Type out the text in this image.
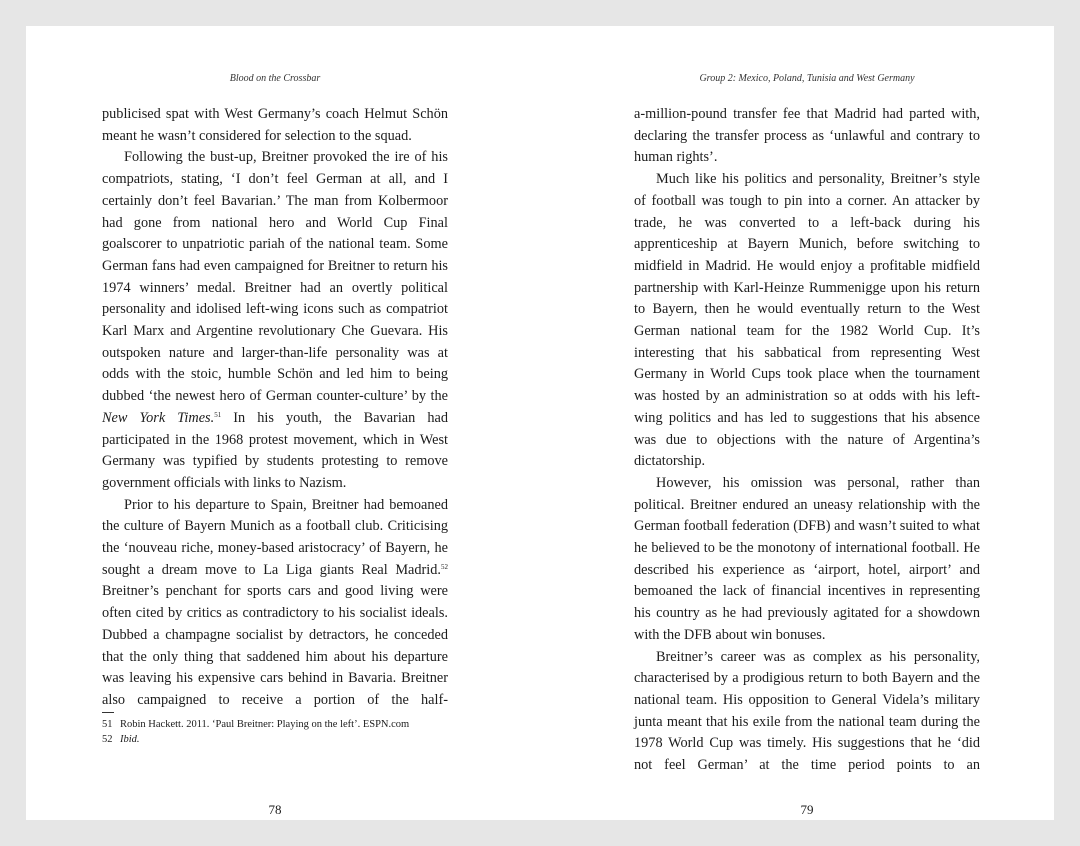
Blood on the Crossbar

publicised spat with West Germany’s coach Helmut Schön meant he wasn’t considered for selection to the squad.

Following the bust-up, Breitner provoked the ire of his compatriots, stating, ‘I don’t feel German at all, and I certainly don’t feel Bavarian.’ The man from Kolbermoor had gone from national hero and World Cup Final goalscorer to unpatriotic pariah of the national team. Some German fans had even campaigned for Breitner to return his 1974 winners’ medal. Breitner had an overtly political personality and idolised left-wing icons such as compatriot Karl Marx and Argentine revolutionary Che Guevara. His outspoken nature and larger-than-life personality was at odds with the stoic, humble Schön and led him to being dubbed ‘the newest hero of German counter-culture’ by the New York Times.$^{51}$ In his youth, the Bavarian had participated in the 1968 protest movement, which in West Germany was typified by students protesting to remove government officials with links to Nazism.

Prior to his departure to Spain, Breitner had bemoaned the culture of Bayern Munich as a football club. Criticising the ‘nouveau riche, money-based aristocracy’ of Bayern, he sought a dream move to La Liga giants Real Madrid.$^{52}$ Breitner’s penchant for sports cars and good living were often cited by critics as contradictory to his socialist ideals. Dubbed a champagne socialist by detractors, he conceded that the only thing that saddened him about his departure was leaving his expensive cars behind in Bavaria. Breitner also campaigned to receive a portion of the half-

51 Robin Hackett. 2011. ‘Paul Breitner: Playing on the left’. ESPN.com
52 Ibid.
78
Group 2: Mexico, Poland, Tunisia and West Germany

a-million-pound transfer fee that Madrid had parted with, declaring the transfer process as ‘unlawful and contrary to human rights’.

Much like his politics and personality, Breitner’s style of football was tough to pin into a corner. An attacker by trade, he was converted to a left-back during his apprenticeship at Bayern Munich, before switching to midfield in Madrid. He would enjoy a profitable midfield partnership with Karl-Heinze Rummenigge upon his return to Bayern, then he would eventually return to the West German national team for the 1982 World Cup. It’s interesting that his sabbatical from representing West Germany in World Cups took place when the tournament was hosted by an administration so at odds with his left-wing politics and has led to suggestions that his absence was due to objections with the nature of Argentina’s dictatorship.

However, his omission was personal, rather than political. Breitner endured an uneasy relationship with the German football federation (DFB) and wasn’t suited to what he believed to be the monotony of international football. He described his experience as ‘airport, hotel, airport’ and bemoaned the lack of financial incentives in representing his country as he had previously agitated for a showdown with the DFB about win bonuses.

Breitner’s career was as complex as his personality, characterised by a prodigious return to both Bayern and the national team. His opposition to General Videla’s military junta meant that his exile from the national team during the 1978 World Cup was timely. His suggestions that he ‘did not feel German’ at the time period points to an

79
